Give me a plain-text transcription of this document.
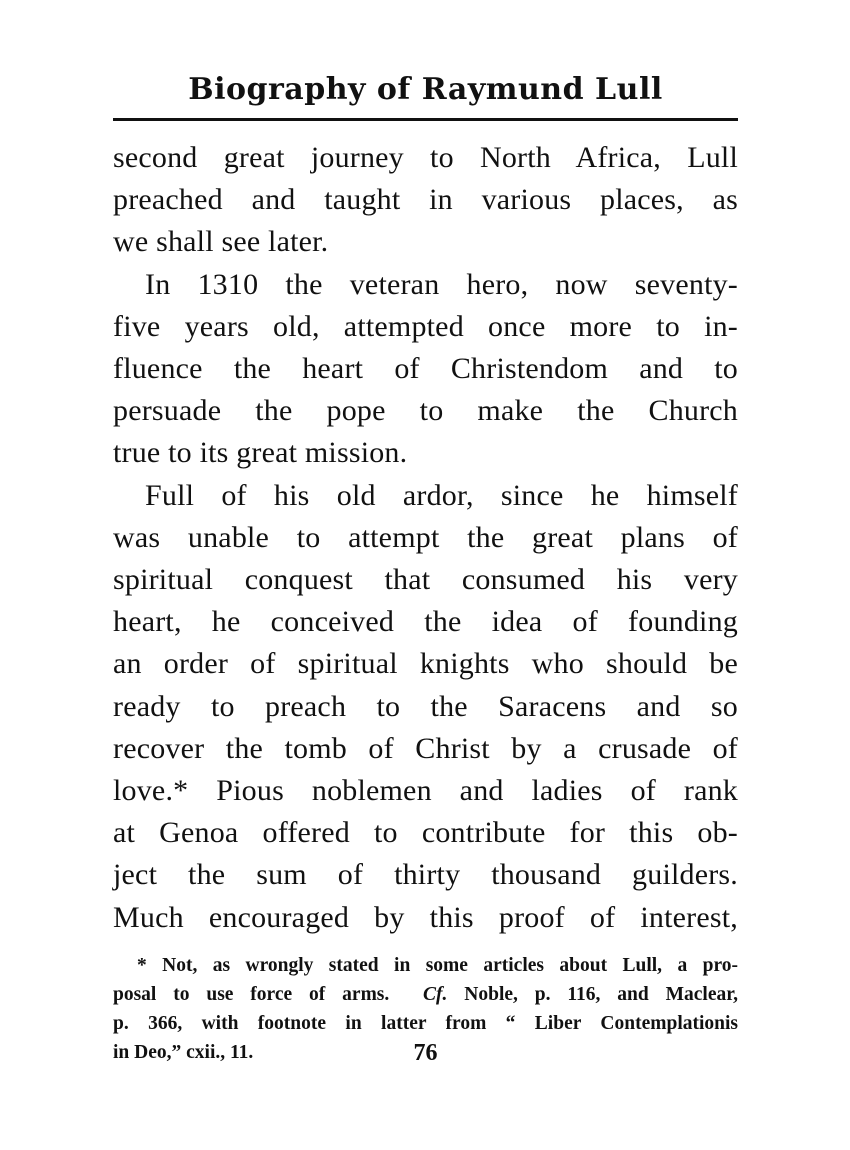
Biography of Raymund Lull
second great journey to North Africa, Lull
preached and taught in various places, as
we shall see later.
In 1310 the veteran hero, now seventy-
five years old, attempted once more to in-
fluence the heart of Christendom and to
persuade the pope to make the Church
true to its great mission.
Full of his old ardor, since he himself
was unable to attempt the great plans of
spiritual conquest that consumed his very
heart, he conceived the idea of founding
an order of spiritual knights who should be
ready to preach to the Saracens and so
recover the tomb of Christ by a crusade of
love.* Pious noblemen and ladies of rank
at Genoa offered to contribute for this ob-
ject the sum of thirty thousand guilders.
Much encouraged by this proof of interest,
* Not, as wrongly stated in some articles about Lull, a pro-
posal to use force of arms. Cf. Noble, p. 116, and Maclear,
p. 366, with footnote in latter from “ Liber Contemplationis
in Deo,” cxii., 11.	76
